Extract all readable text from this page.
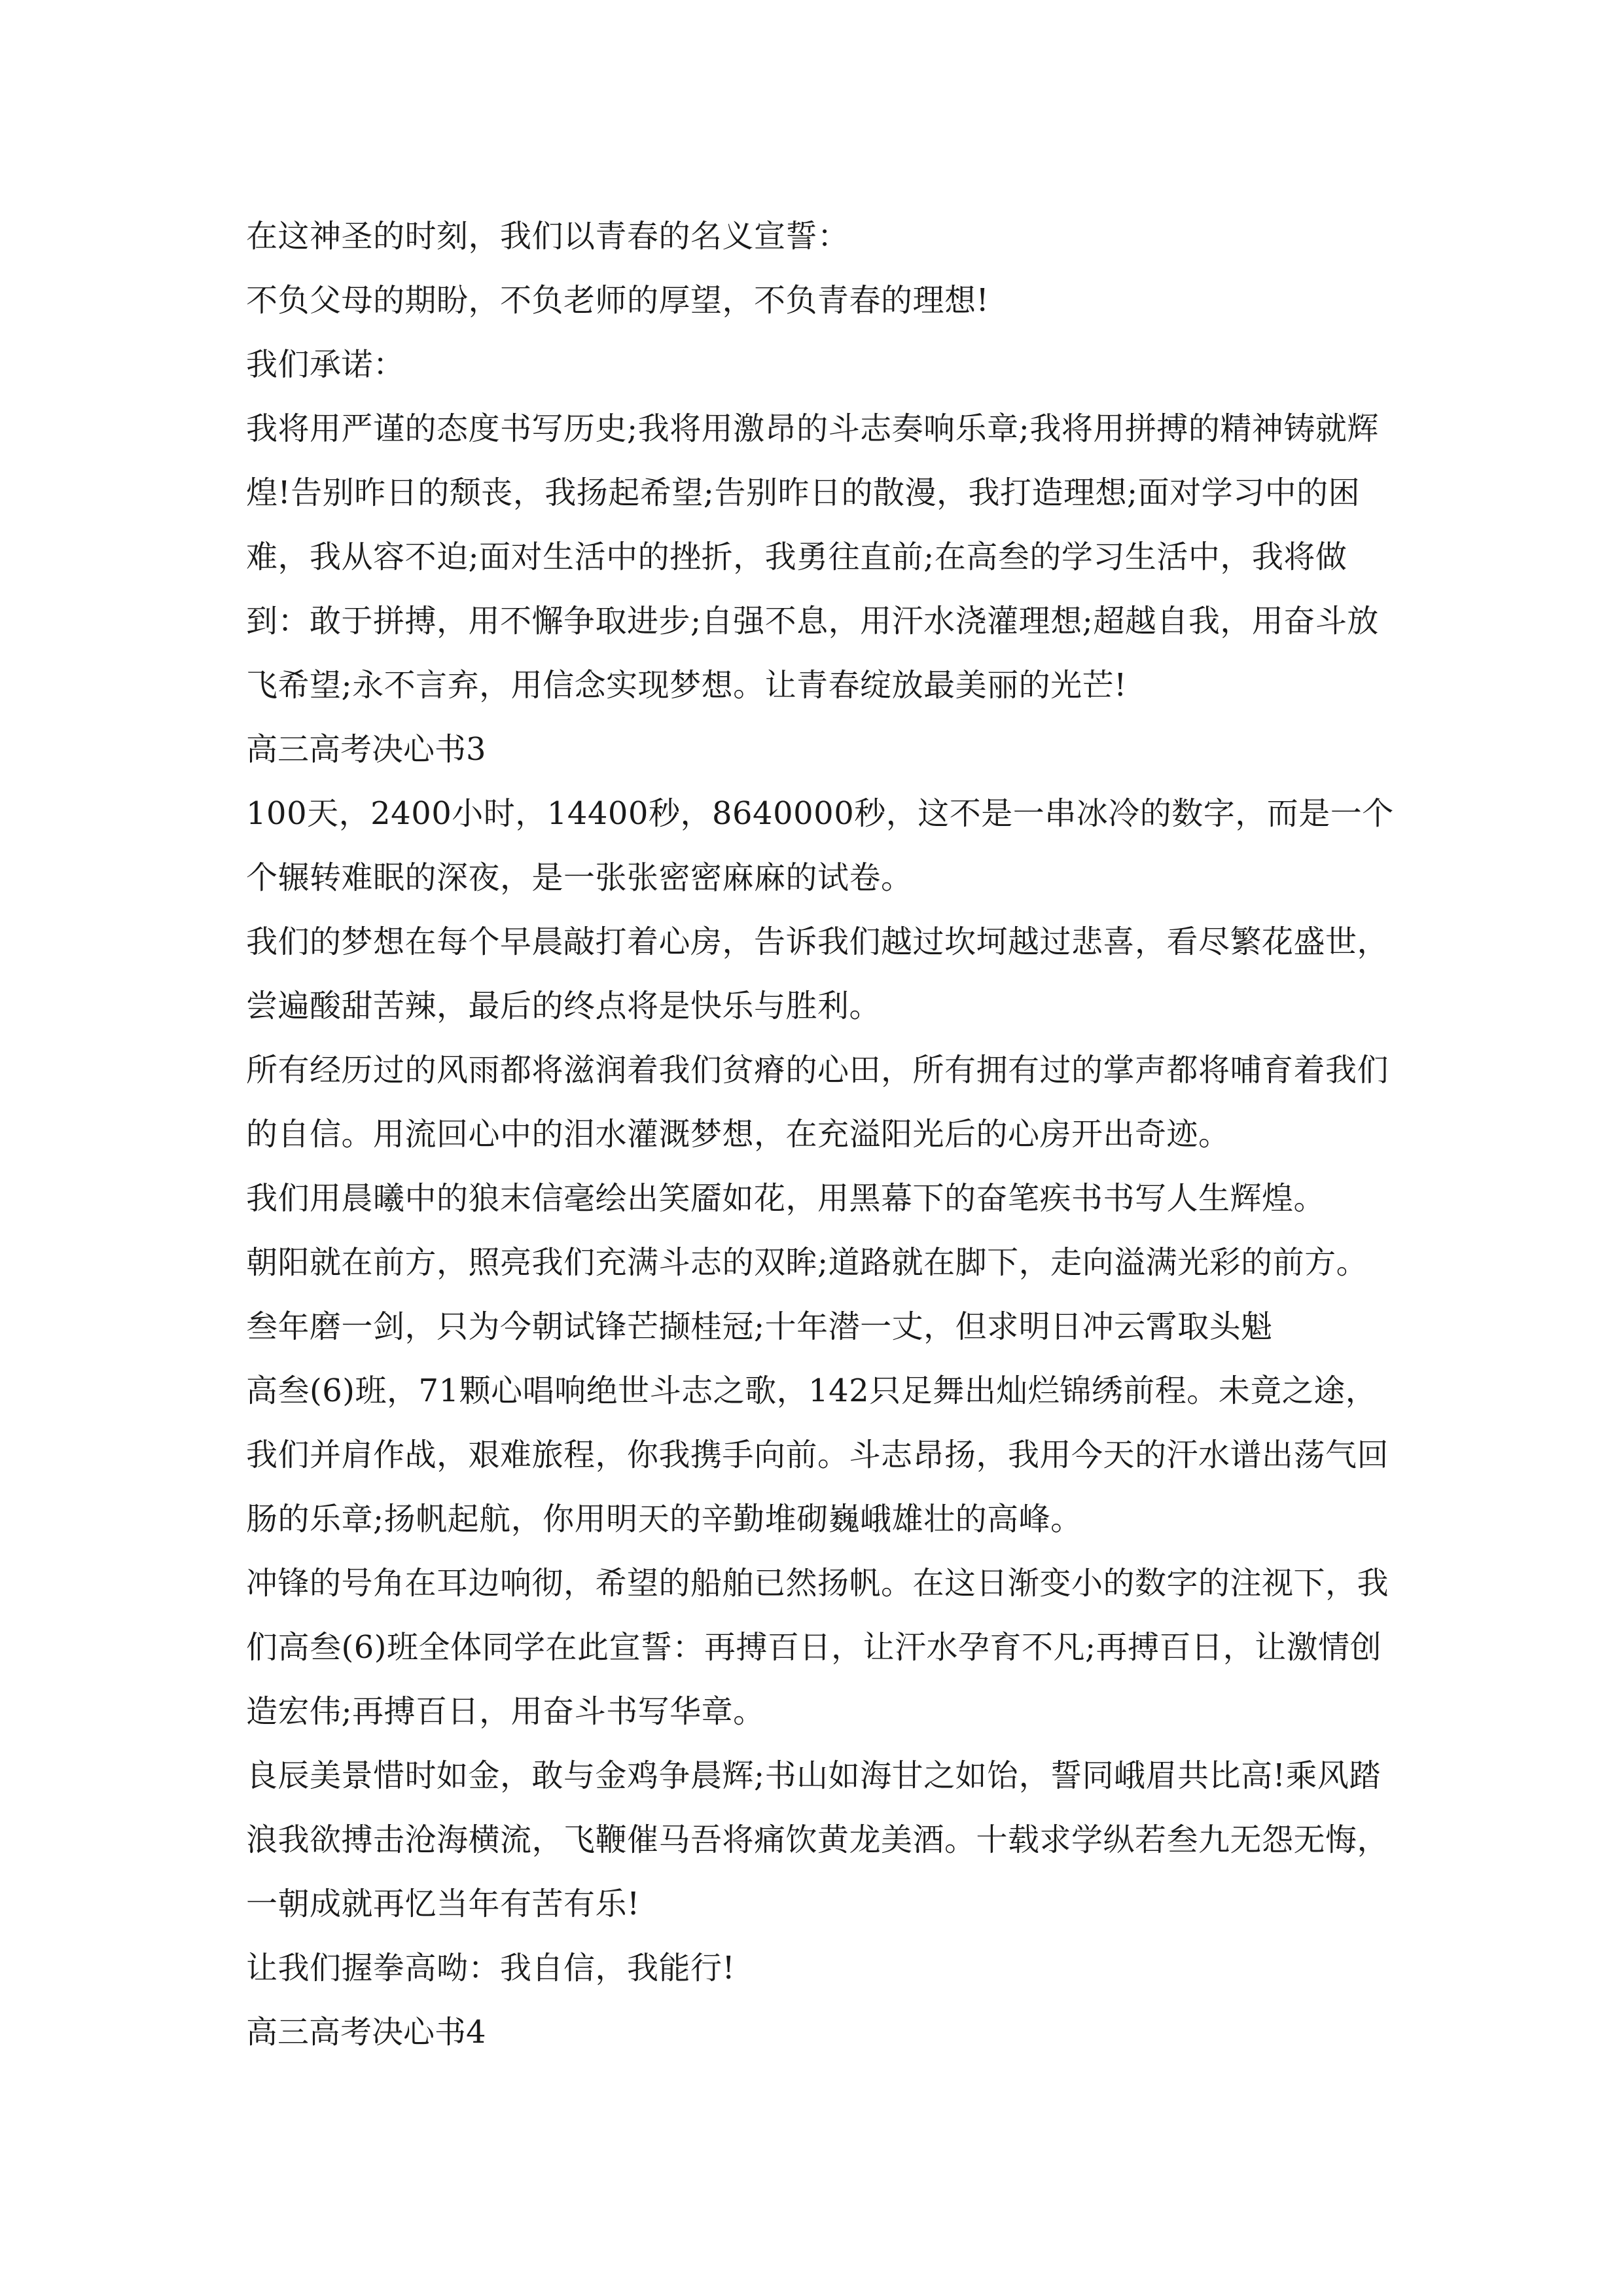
在这神圣的时刻，我们以青春的名义宣誓：

不负父母的期盼，不负老师的厚望，不负青春的理想!

我们承诺：

我将用严谨的态度书写历史;我将用激昂的斗志奏响乐章;我将用拼搏的精神铸就辉煌!告别昨日的颓丧，我扬起希望;告别昨日的散漫，我打造理想;面对学习中的困难，我从容不迫;面对生活中的挫折，我勇往直前;在高叁的学习生活中，我将做到：敢于拼搏，用不懈争取进步;自强不息，用汗水浇灌理想;超越自我，用奋斗放飞希望;永不言弃，用信念实现梦想。让青春绽放最美丽的光芒!

高三高考决心书3

100天，2400小时，14400秒，8640000秒，这不是一串冰冷的数字，而是一个个辗转难眠的深夜，是一张张密密麻麻的试卷。

我们的梦想在每个早晨敲打着心房，告诉我们越过坎坷越过悲喜，看尽繁花盛世，尝遍酸甜苦辣，最后的终点将是快乐与胜利。

所有经历过的风雨都将滋润着我们贫瘠的心田，所有拥有过的掌声都将哺育着我们的自信。用流回心中的泪水灌溉梦想，在充溢阳光后的心房开出奇迹。

我们用晨曦中的狼末信毫绘出笑靥如花，用黑幕下的奋笔疾书书写人生辉煌。

朝阳就在前方，照亮我们充满斗志的双眸;道路就在脚下，走向溢满光彩的前方。

叁年磨一剑，只为今朝试锋芒撷桂冠;十年潜一丈，但求明日冲云霄取头魁

高叁(6)班，71颗心唱响绝世斗志之歌，142只足舞出灿烂锦绣前程。未竟之途，我们并肩作战，艰难旅程，你我携手向前。斗志昂扬，我用今天的汗水谱出荡气回肠的乐章;扬帆起航，你用明天的辛勤堆砌巍峨雄壮的高峰。

冲锋的号角在耳边响彻，希望的船舶已然扬帆。在这日渐变小的数字的注视下，我们高叁(6)班全体同学在此宣誓：再搏百日，让汗水孕育不凡;再搏百日，让激情创造宏伟;再搏百日，用奋斗书写华章。

良辰美景惜时如金，敢与金鸡争晨辉;书山如海甘之如饴，誓同峨眉共比高!乘风踏浪我欲搏击沧海横流，飞鞭催马吾将痛饮黄龙美酒。十载求学纵若叁九无怨无悔，一朝成就再忆当年有苦有乐!

让我们握拳高呦：我自信，我能行!

高三高考决心书4
